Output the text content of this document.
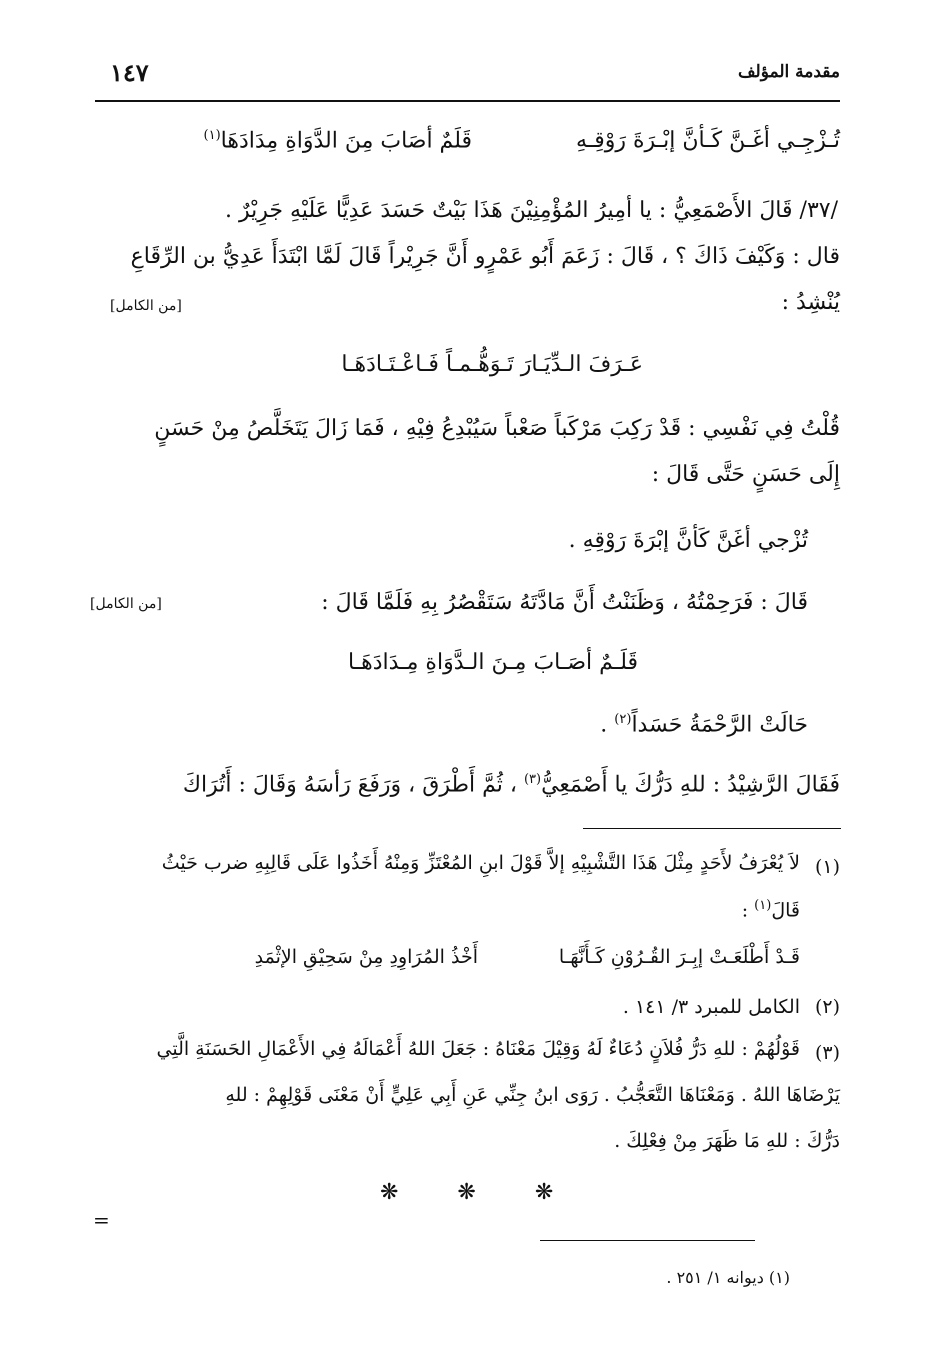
مقدمة المؤلف
١٤٧
تُـزْجِـي أغَـنَّ كَـأنَّ إبْـرَةَ رَوْقِـهِ
قَلَمٌ أصَابَ مِنَ الدَّوَاةِ مِدَادَهَا$^{(١)}$
/٣٧/ قَالَ الأَصْمَعِيُّ : يا أمِيرُ المُؤْمِنِيْنَ هَذَا بَيْتٌ حَسَدَ عَدِيًّا عَلَيْهِ جَرِيْرٌ .
قال : وَكَيْفَ ذَاكَ ؟ ، قَالَ : زَعَمَ أَبُو عَمْرٍو أَنَّ جَرِيْراً قَالَ لَمَّا ابْتَدَأَ عَدِيُّ بن الرِّقَاعِ
يُنْشِدُ :
[من الكامل]
عَـرَفَ الـدِّيَـارَ تَـوَهُّـمـاً فَـاعْـتَـادَهَـا
قُلْتُ فِي نَفْسِي : قَدْ رَكِبَ مَرْكَباً صَعْباً سَيُبْدِعُ فِيْهِ ، فَمَا زَالَ يَتَخَلَّصُ مِنْ حَسَنٍ
إِلَى حَسَنٍ حَتَّى قَالَ :
تُزْجي أغَنَّ كَأنَّ إبْرَةَ رَوْقِهِ .
قَالَ : فَرَحِمْتُهُ ، وَظَنَنْتُ أَنَّ مَادَّتَهُ سَتَقْصُرُ بِهِ فَلَمَّا قَالَ :
[من الكامل]
قَلَـمٌ أصَـابَ مِـنَ الـدَّوَاةِ مِـدَادَهَـا
حَالَتْ الرَّحْمَةُ حَسَداً$^{(٢)}$ .
فَقَالَ الرَّشِيْدُ : للهِ دَرُّكَ يا أَصْمَعِيُّ$^{(٣)}$ ، ثُمَّ أَطْرَقَ ، وَرَفَعَ رَأسَهُ وَقَالَ : أَتُرَاكَ
(١)
لاَ يُعْرَفُ لأَحَدٍ مِثْلَ هَذَا التَّشْبِيْهِ إلاَّ قَوْلَ ابنِ المُعْتَزِّ وَمِنْهُ أَخَذُوا عَلَى قَالِبِهِ ضرب حَيْثُ
قَالَ$^{(١)}$ :
قَـدْ أَطْلَعَـتْ إبِـرَ القُـرُوْنِ كَـأَنَّهَـا
أَخْذُ المُرَاوِدِ مِنْ سَحِيْقِ الإثْمَدِ
(٢)
الكامل للمبرد ٣/ ١٤١ .
(٣)
قَوْلُهُمْ : للهِ دَرُّ فُلاَنٍ دُعَاءٌ لَهُ وَقِيْلَ مَعْنَاهُ : جَعَلَ اللهُ أَعْمَالَهُ فِي الأَعْمَالِ الحَسَنَةِ الَّتِي
يَرْضَاهَا اللهُ . وَمَعْنَاهَا التَّعَجُّبُ . رَوَى ابنُ جِنِّي عَنِ أَبِي عَلِيٍّ أَنْ مَعْنَى قَوْلِهِمْ : للهِ
دَرُّكَ : للهِ مَا ظَهَرَ مِنْ فِعْلِكَ .
❋ ❋ ❋
=
(١) ديوانه ١/ ٢٥١ .
